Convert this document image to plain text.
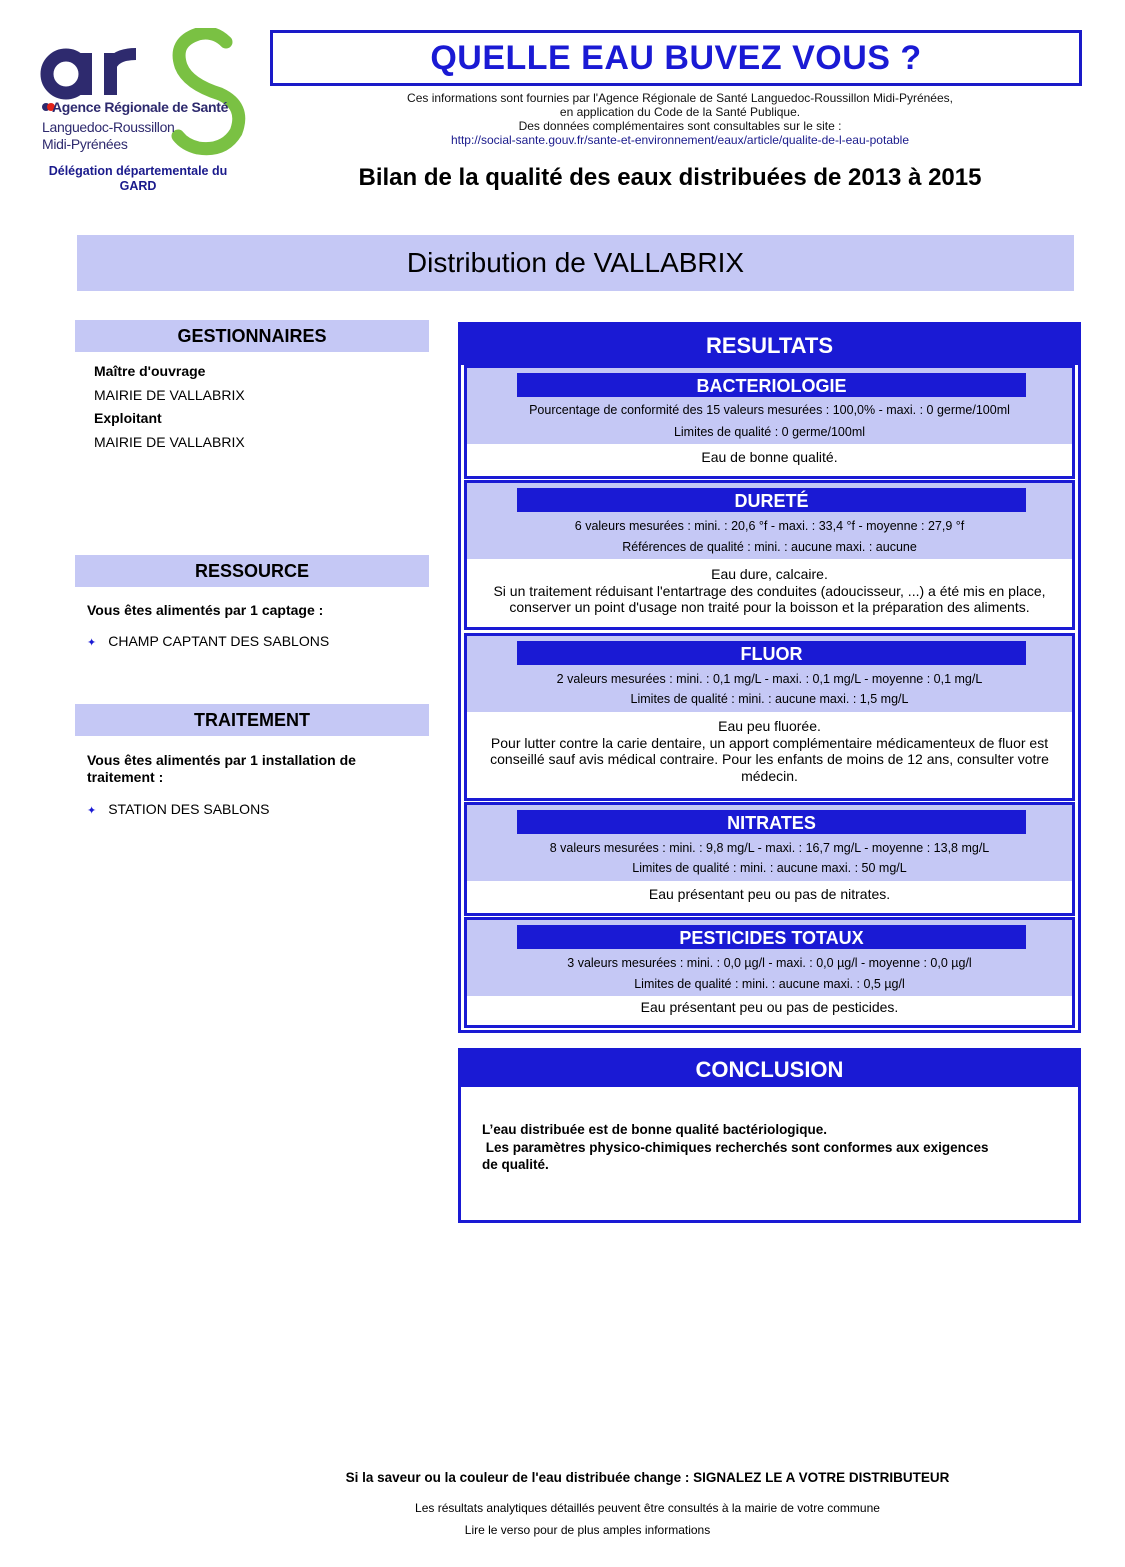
Agence Régionale de Santé
Languedoc-Roussillon
Midi-Pyrénées
Délégation départementale du
GARD
QUELLE EAU BUVEZ VOUS ?
Ces informations sont fournies par l'Agence Régionale de Santé Languedoc-Roussillon Midi-Pyrénées,
en application du Code de la Santé Publique.
Des données complémentaires sont consultables sur le site :
http://social-sante.gouv.fr/sante-et-environnement/eaux/article/qualite-de-l-eau-potable
Bilan de la qualité des eaux distribuées de 2013 à 2015
Distribution de VALLABRIX
GESTIONNAIRES
Maître d'ouvrage
MAIRIE DE VALLABRIX
Exploitant
MAIRIE DE VALLABRIX
RESSOURCE
Vous êtes alimentés par 1 captage :
✦ CHAMP CAPTANT DES SABLONS
TRAITEMENT
Vous êtes alimentés par 1 installation de
traitement :
✦ STATION DES SABLONS
RESULTATS
BACTERIOLOGIE
Pourcentage de conformité des 15 valeurs mesurées : 100,0% - maxi. : 0 germe/100ml
Limites de qualité : 0 germe/100ml
Eau de bonne qualité.
DURETÉ
6 valeurs mesurées : mini. : 20,6 °f - maxi. : 33,4 °f - moyenne : 27,9 °f
Références de qualité : mini. : aucune maxi. : aucune
Eau dure, calcaire.
Si un traitement réduisant l'entartrage des conduites (adoucisseur, ...) a été mis en place,
conserver un point d'usage non traité pour la boisson et la préparation des aliments.
FLUOR
2 valeurs mesurées : mini. : 0,1 mg/L - maxi. : 0,1 mg/L - moyenne : 0,1 mg/L
Limites de qualité : mini. : aucune maxi. : 1,5 mg/L
Eau peu fluorée.
Pour lutter contre la carie dentaire, un apport complémentaire médicamenteux de fluor est
conseillé sauf avis médical contraire. Pour les enfants de moins de 12 ans, consulter votre
médecin.
NITRATES
8 valeurs mesurées : mini. : 9,8 mg/L - maxi. : 16,7 mg/L - moyenne : 13,8 mg/L
Limites de qualité : mini. : aucune maxi. : 50 mg/L
Eau présentant peu ou pas de nitrates.
PESTICIDES TOTAUX
3 valeurs mesurées : mini. : 0,0 µg/l - maxi. : 0,0 µg/l - moyenne : 0,0 µg/l
Limites de qualité : mini. : aucune maxi. : 0,5 µg/l
Eau présentant peu ou pas de pesticides.
CONCLUSION
L’eau distribuée est de bonne qualité bactériologique.
Les paramètres physico-chimiques recherchés sont conformes aux exigences
de qualité.
Si la saveur ou la couleur de l'eau distribuée change : SIGNALEZ LE A VOTRE DISTRIBUTEUR
Les résultats analytiques détaillés peuvent être consultés à la mairie de votre commune
Lire le verso pour de plus amples informations
